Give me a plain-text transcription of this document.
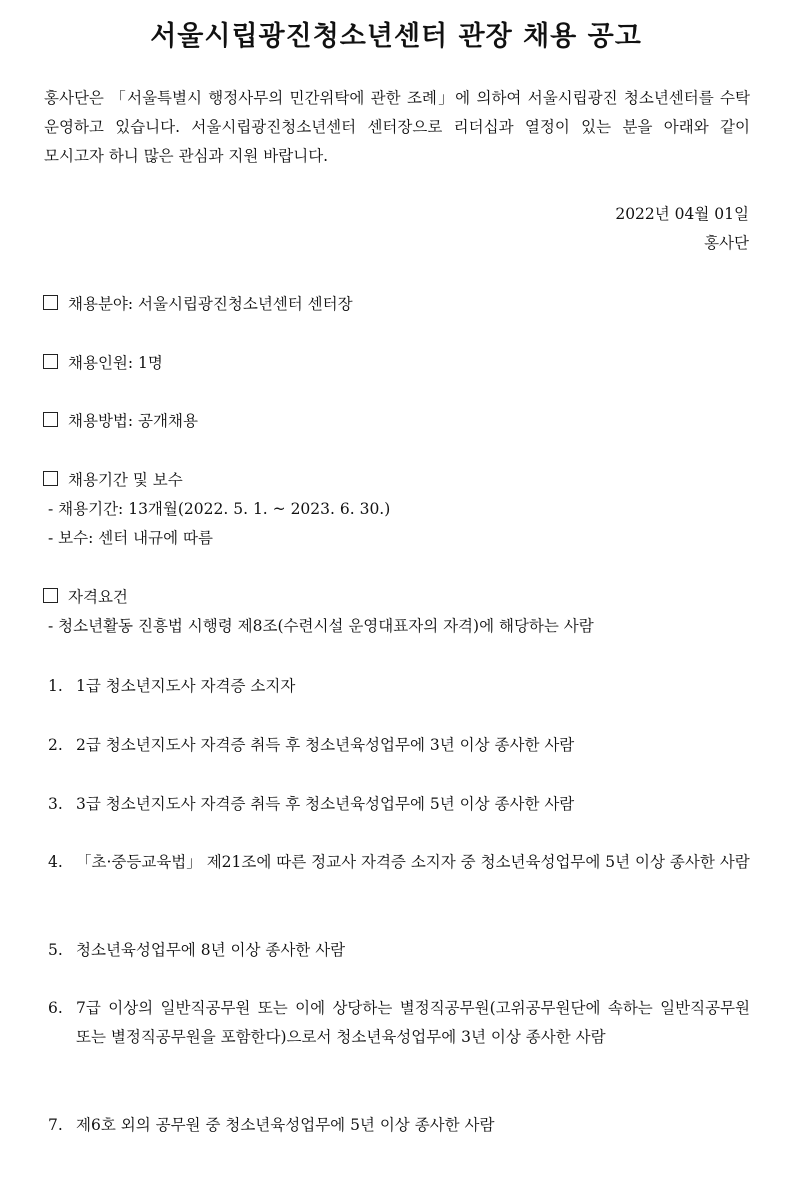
서울시립광진청소년센터 관장 채용 공고
홍사단은 「서울특별시 행정사무의 민간위탁에 관한 조례」에 의하여 서울시립광진 청소년센터를 수탁 운영하고 있습니다. 서울시립광진청소년센터 센터장으로 리더십과 열정이 있는 분을 아래와 같이 모시고자 하니 많은 관심과 지원 바랍니다.
2022년 04월 01일
홍사단
채용분야: 서울시립광진청소년센터 센터장
채용인원: 1명
채용방법: 공개채용
채용기간 및 보수
- 채용기간: 13개월(2022. 5. 1. ~ 2023. 6. 30.)
- 보수: 센터 내규에 따름
자격요건
- 청소년활동 진흥법 시행령 제8조(수련시설 운영대표자의 자격)에 해당하는 사람
1. 1급 청소년지도사 자격증 소지자
2. 2급 청소년지도사 자격증 취득 후 청소년육성업무에 3년 이상 종사한 사람
3. 3급 청소년지도사 자격증 취득 후 청소년육성업무에 5년 이상 종사한 사람
4. 「초·중등교육법」 제21조에 따른 정교사 자격증 소지자 중 청소년육성업무에 5년 이상 종사한 사람
5. 청소년육성업무에 8년 이상 종사한 사람
6. 7급 이상의 일반직공무원 또는 이에 상당하는 별정직공무원(고위공무원단에 속하는 일반직공무원 또는 별정직공무원을 포함한다)으로서 청소년육성업무에 3년 이상 종사한 사람
7. 제6호 외의 공무원 중 청소년육성업무에 5년 이상 종사한 사람
